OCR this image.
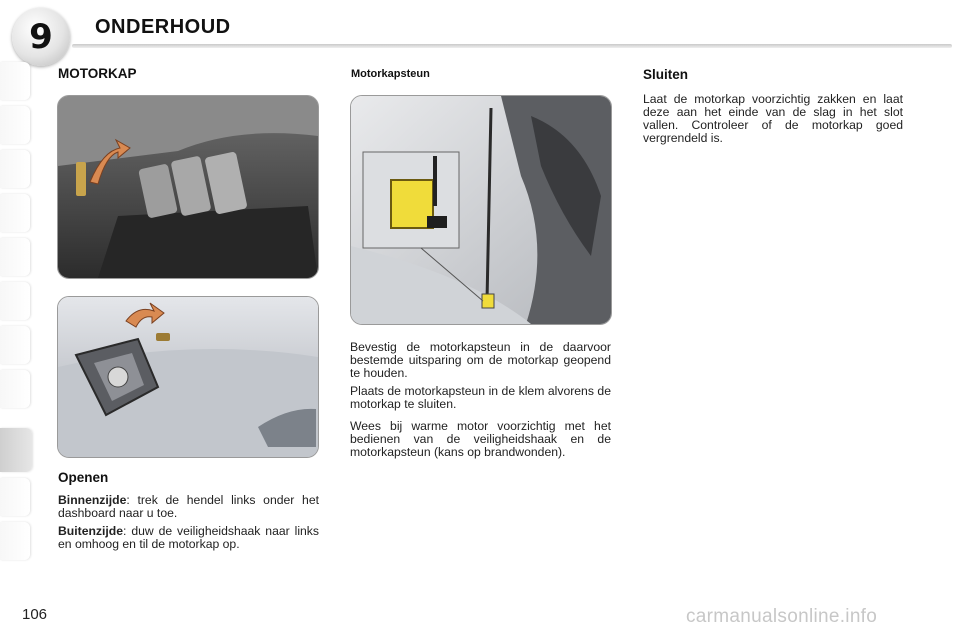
9 ONDERHOUD
MOTORKAP
Openen

Binnenzijde: trek de hendel links onder het dashboard naar u toe.

Buitenzijde: duw de veiligheidshaak naar links en omhoog en til de motorkap op.

Motorkapsteun

Bevestig de motorkapsteun in de daarvoor bestemde uitsparing om de motorkap geopend te houden.

Plaats de motorkapsteun in de klem alvorens de motorkap te sluiten.

Wees bij warme motor voorzichtig met het bedienen van de veiligheidshaak en de motorkapsteun (kans op brandwonden).

Sluiten
Laat de motorkap voorzichtig zakken en laat deze aan het einde van de slag in het slot vallen. Controleer of de motorkap goed vergrendeld is.
106	carmanualsonline.info
